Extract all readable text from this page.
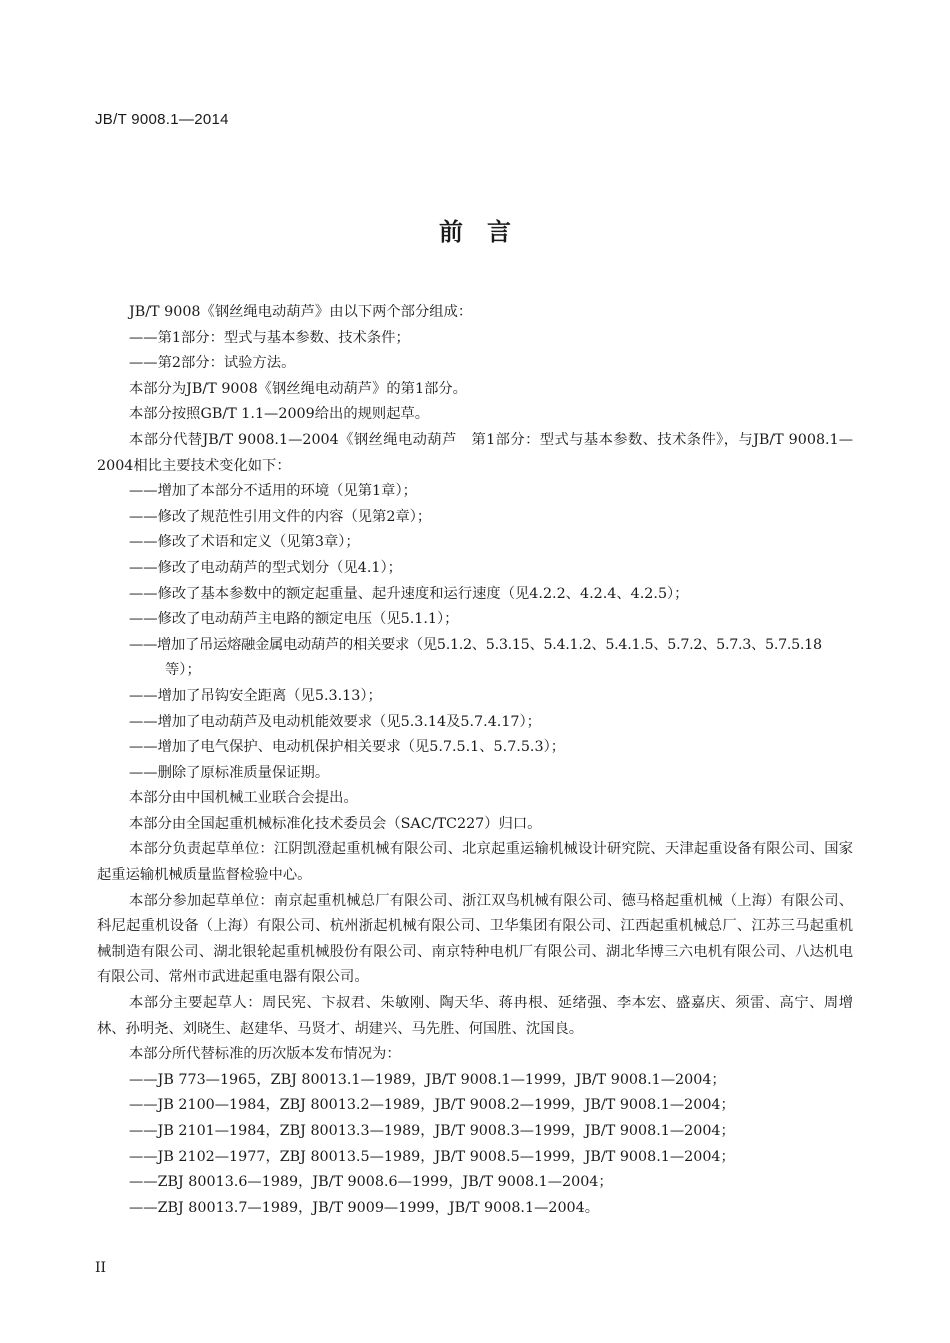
JB/T 9008.1—2014
前　言

JB/T 9008《钢丝绳电动葫芦》由以下两个部分组成：

——第1部分：型式与基本参数、技术条件；

——第2部分：试验方法。

本部分为JB/T 9008《钢丝绳电动葫芦》的第1部分。

本部分按照GB/T 1.1—2009给出的规则起草。

本部分代替JB/T 9008.1—2004《钢丝绳电动葫芦　第1部分：型式与基本参数、技术条件》，与JB/T 9008.1—2004相比主要技术变化如下：

——增加了本部分不适用的环境（见第1章）；

——修改了规范性引用文件的内容（见第2章）；

——修改了术语和定义（见第3章）；

——修改了电动葫芦的型式划分（见4.1）；

——修改了基本参数中的额定起重量、起升速度和运行速度（见4.2.2、4.2.4、4.2.5）；

——修改了电动葫芦主电路的额定电压（见5.1.1）；

——增加了吊运熔融金属电动葫芦的相关要求（见5.1.2、5.3.15、5.4.1.2、5.4.1.5、5.7.2、5.7.3、5.7.5.18

等）；

——增加了吊钩安全距离（见5.3.13）；

——增加了电动葫芦及电动机能效要求（见5.3.14及5.7.4.17）；

——增加了电气保护、电动机保护相关要求（见5.7.5.1、5.7.5.3）；

——删除了原标准质量保证期。

本部分由中国机械工业联合会提出。

本部分由全国起重机械标准化技术委员会（SAC/TC227）归口。

本部分负责起草单位：江阴凯澄起重机械有限公司、北京起重运输机械设计研究院、天津起重设备有限公司、国家起重运输机械质量监督检验中心。

本部分参加起草单位：南京起重机械总厂有限公司、浙江双鸟机械有限公司、德马格起重机械（上海）有限公司、科尼起重机设备（上海）有限公司、杭州浙起机械有限公司、卫华集团有限公司、江西起重机械总厂、江苏三马起重机械制造有限公司、湖北银轮起重机械股份有限公司、南京特种电机厂有限公司、湖北华博三六电机有限公司、八达机电有限公司、常州市武进起重电器有限公司。

本部分主要起草人：周民宪、卞叔君、朱敏刚、陶天华、蒋冉根、延绪强、李本宏、盛嘉庆、须雷、高宁、周增林、孙明尧、刘晓生、赵建华、马贤才、胡建兴、马先胜、何国胜、沈国良。

本部分所代替标准的历次版本发布情况为：

——JB 773—1965，ZBJ 80013.1—1989，JB/T 9008.1—1999，JB/T 9008.1—2004；

——JB 2100—1984，ZBJ 80013.2—1989，JB/T 9008.2—1999，JB/T 9008.1—2004；

——JB 2101—1984，ZBJ 80013.3—1989，JB/T 9008.3—1999，JB/T 9008.1—2004；

——JB 2102—1977，ZBJ 80013.5—1989，JB/T 9008.5—1999，JB/T 9008.1—2004；

——ZBJ 80013.6—1989，JB/T 9008.6—1999，JB/T 9008.1—2004；

——ZBJ 80013.7—1989，JB/T 9009—1999，JB/T 9008.1—2004。

II
